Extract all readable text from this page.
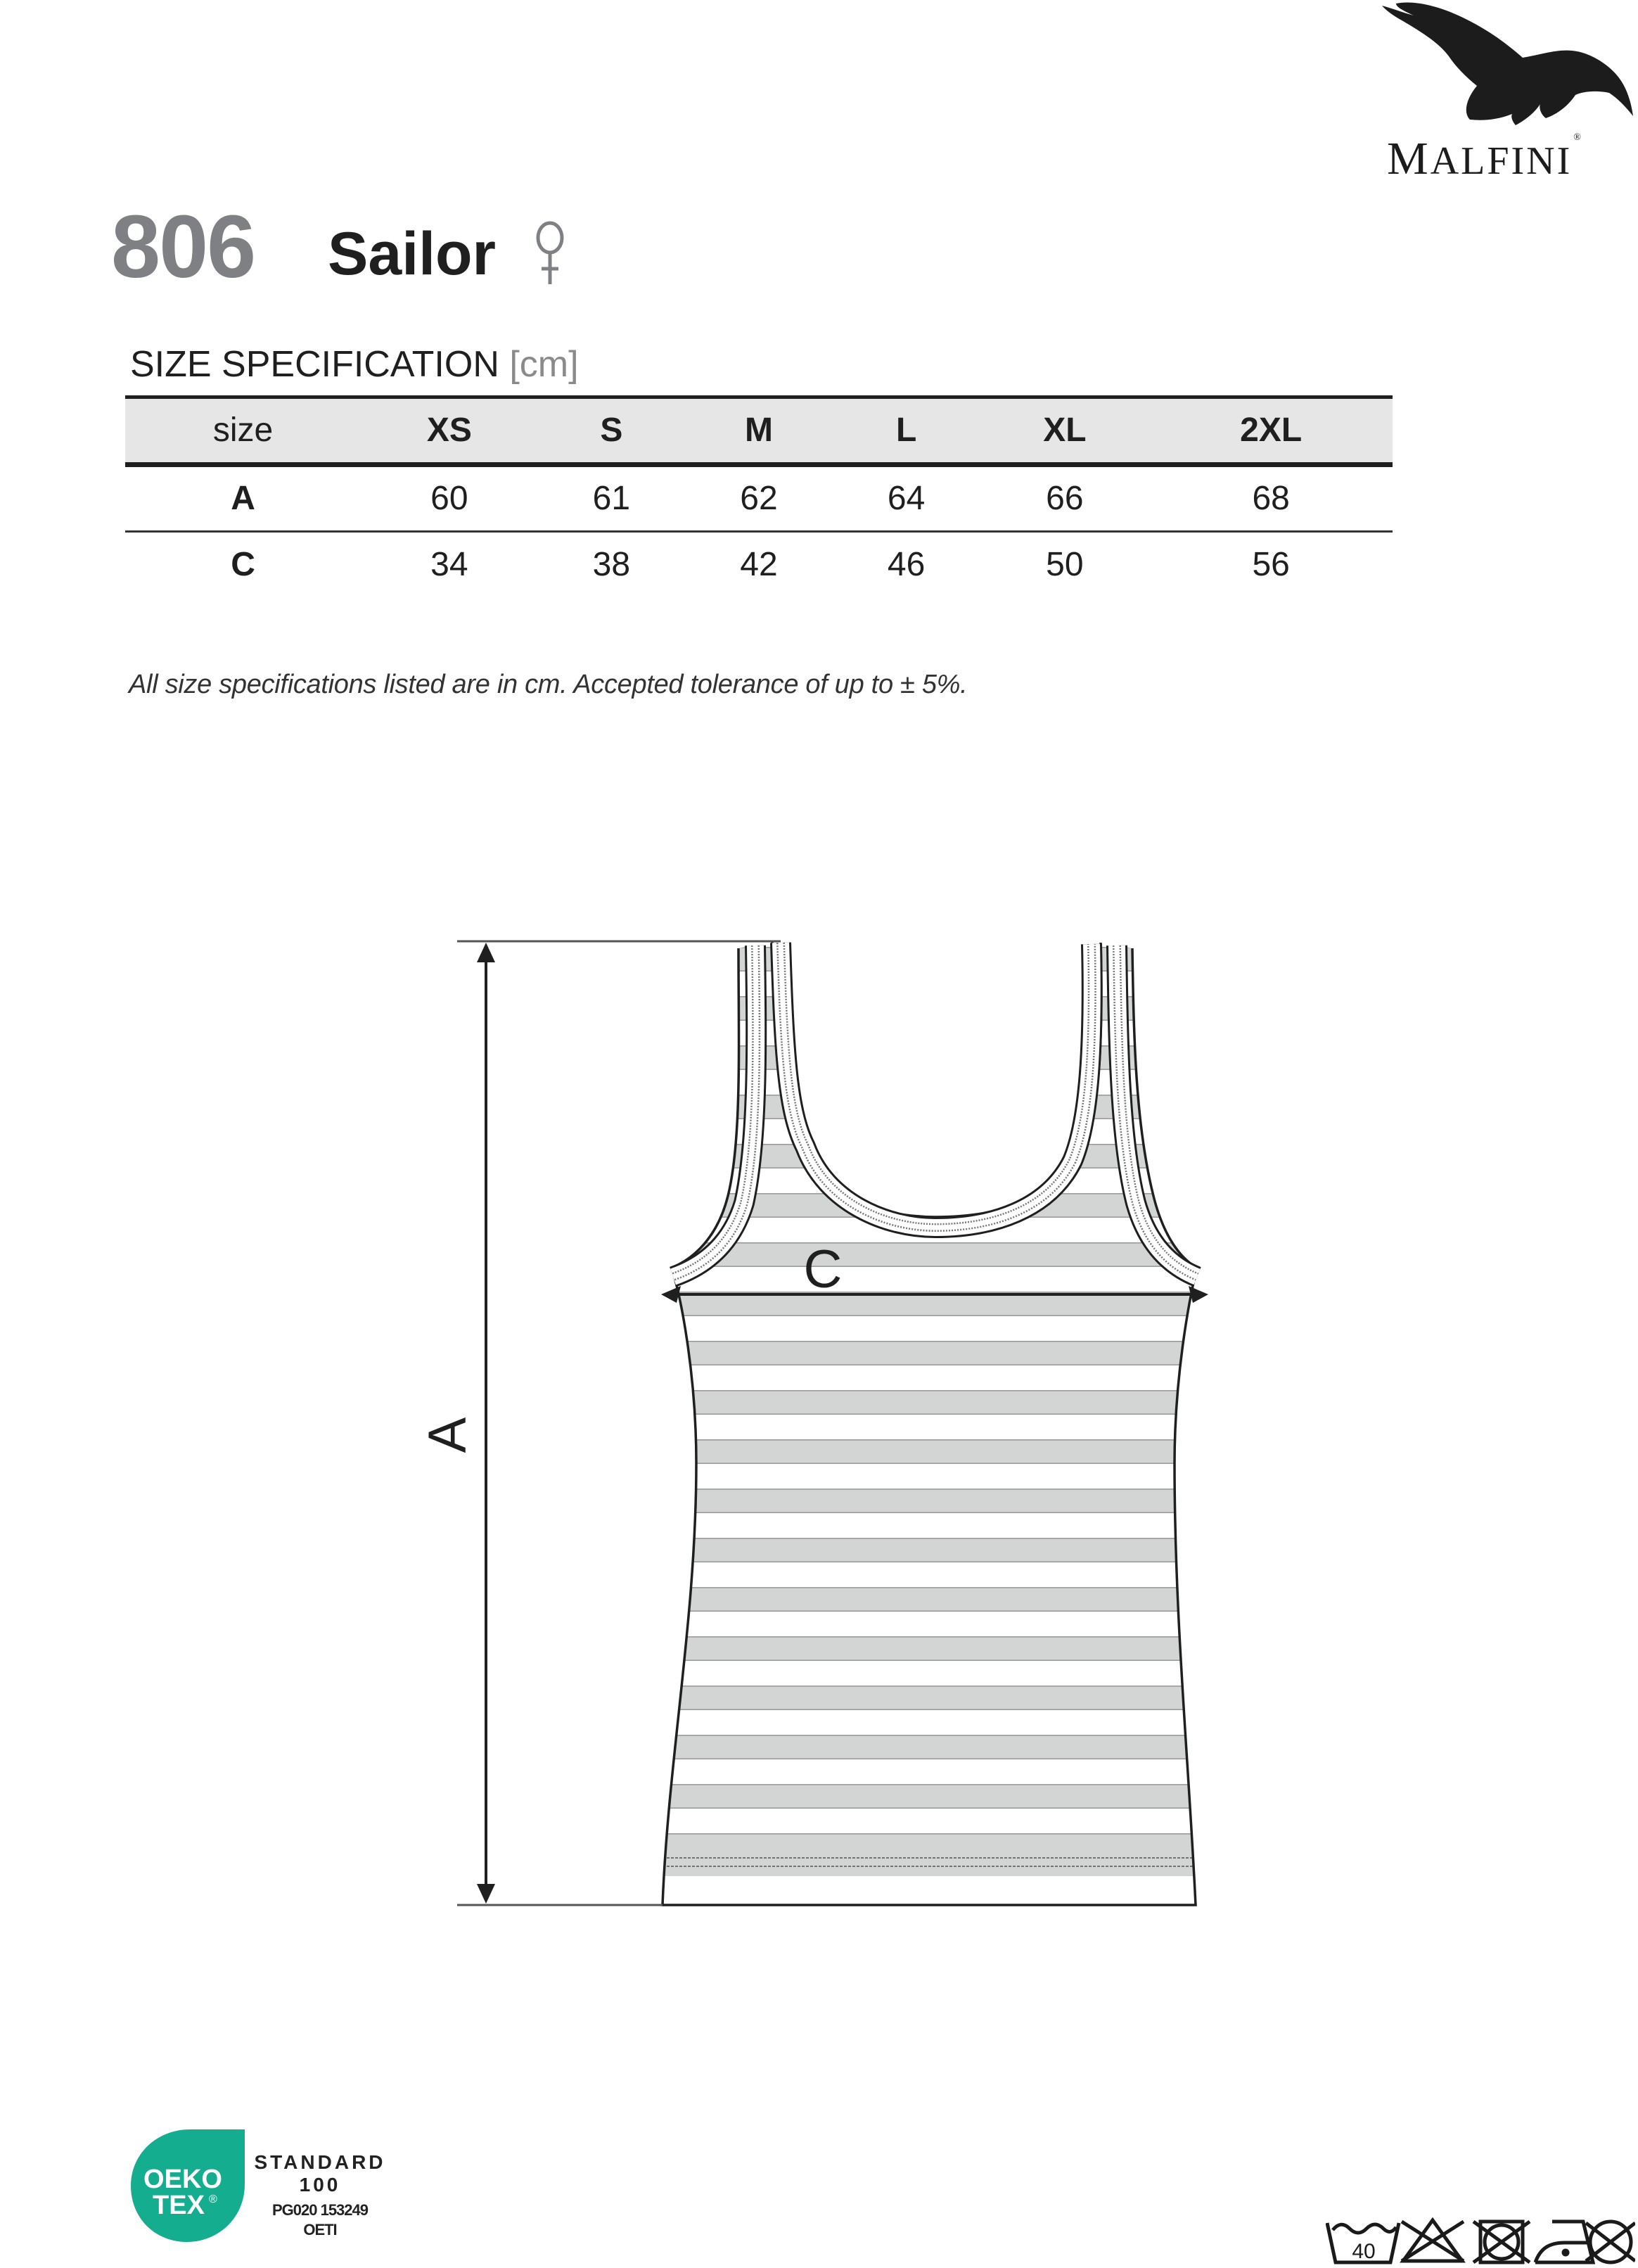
MALFINI®
806 Sailor
SIZE SPECIFICATION [cm]
size	XS	S	M	L	XL	2XL
A	60	61	62	64	66	68
C	34	38	42	46	50	56
All size specifications listed are in cm. Accepted tolerance of up to ± 5%.
A
C
OEKO
TEX ®
STANDARD
100
PG020 153249
OETI
40
